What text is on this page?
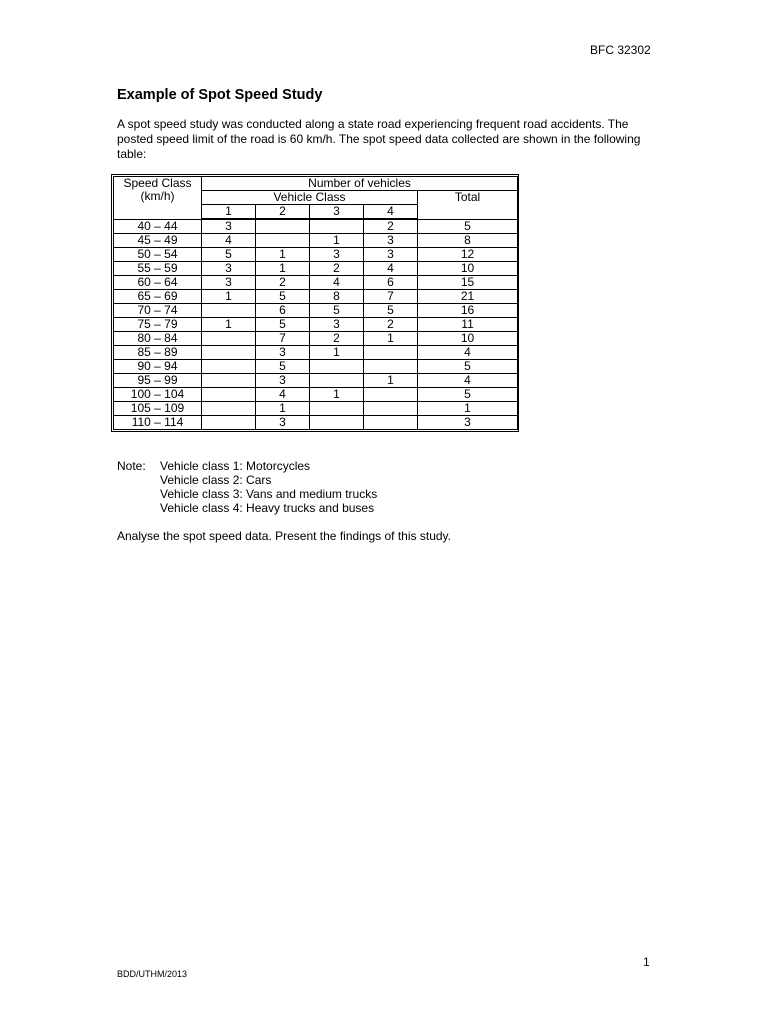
BFC 32302
Example of Spot Speed Study

A spot speed study was conducted along a state road experiencing frequent road accidents. The posted speed limit of the road is 60 km/h. The spot speed data collected are shown in the following table:

Speed Class
(km/h)	Number of vehicles				
	Vehicle Class				Total
	1	2	3	4	
40 – 44	3			2	5
45 – 49	4		1	3	8
50 – 54	5	1	3	3	12
55 – 59	3	1	2	4	10
60 – 64	3	2	4	6	15
65 – 69	1	5	8	7	21
70 – 74		6	5	5	16
75 – 79	1	5	3	2	11
80 – 84		7	2	1	10
85 – 89		3	1		4
90 – 94		5			5
95 – 99		3		1	4
100 – 104		4	1		5
105 – 109		1			1
110 – 114		3			3
Note:	Vehicle class 1: Motorcycles
Vehicle class 2: Cars
Vehicle class 3: Vans and medium trucks
Vehicle class 4: Heavy trucks and buses

Analyse the spot speed data. Present the findings of this study.

1
BDD/UTHM/2013
